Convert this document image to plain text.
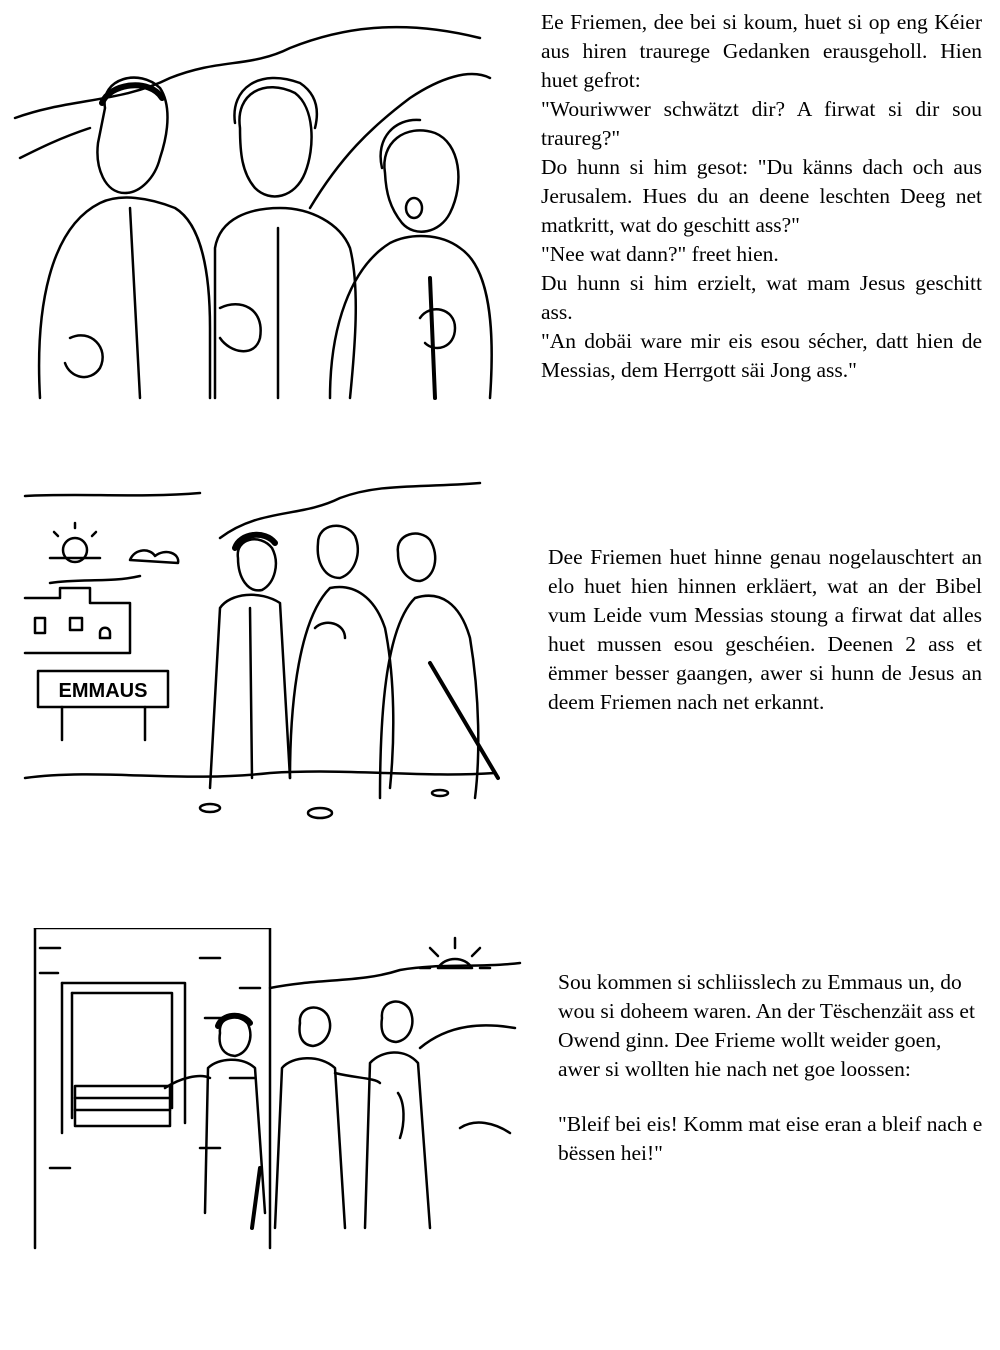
Ee Friemen, dee bei si koum, huet si op eng Kéier aus hiren traurege Gedanken erausgeholl. Hien huet gefrot:

"Wouriwwer schwätzt dir? A firwat si dir sou traureg?"

Do hunn si him gesot: "Du känns dach och aus Jerusalem. Hues du an deene leschten Deeg net matkritt, wat do geschitt ass?"

"Nee wat dann?" freet hien.

Du hunn si him erzielt, wat mam Jesus geschitt ass.

"An dobäi ware mir eis esou sécher, datt hien de Messias, dem Herrgott säi Jong ass."

EMMAUS

Dee Friemen huet hinne genau nogelauschtert an elo huet hien hinnen erkläert, wat an der Bibel vum Leide vum Messias stoung a firwat dat alles huet mussen esou geschéien. Deenen 2 ass et ëmmer besser gaangen, awer si hunn de Jesus an deem Friemen nach net erkannt.

Sou kommen si schliisslech zu Emmaus un, do wou si doheem waren. An der Tëschenzäit ass et Owend ginn. Dee Frieme wollt weider goen, awer si wollten hie nach net goe loossen:

"Bleif bei eis! Komm mat eise eran a bleif nach e bëssen hei!"
